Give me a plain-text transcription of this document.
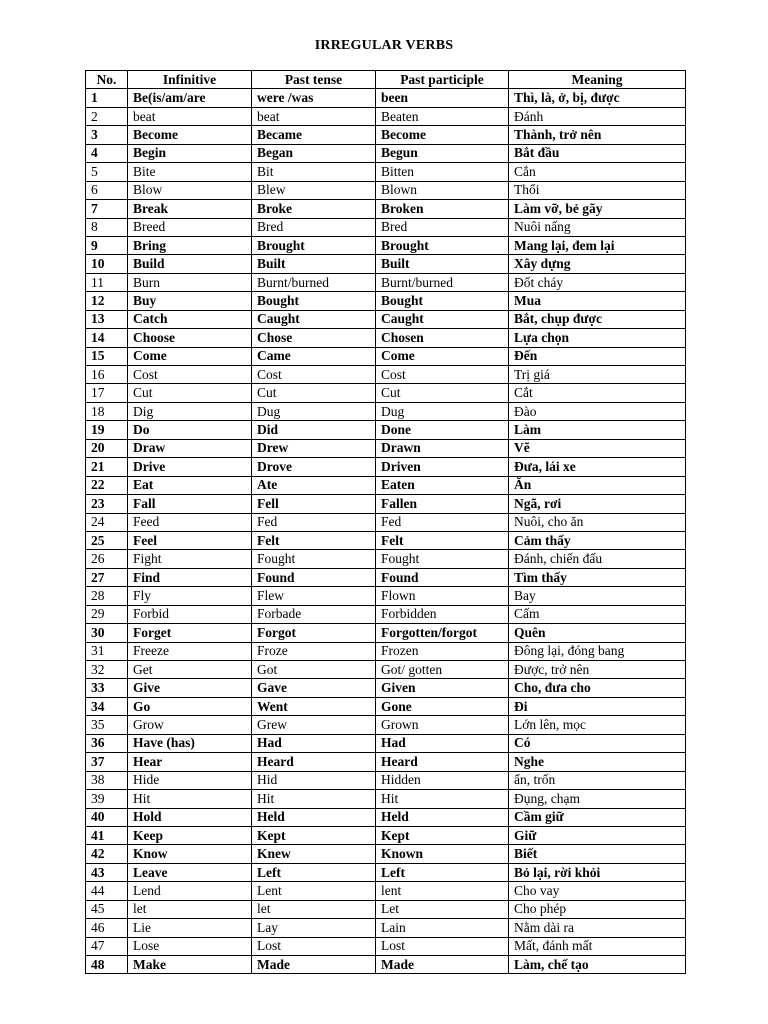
IRREGULAR VERBS
No.	Infinitive	Past tense	Past participle	Meaning
1	Be(is/am/are	were /was	been	Thì, là, ở, bị, được
2	beat	beat	Beaten	Đánh
3	Become	Became	Become	Thành, trở nên
4	Begin	Began	Begun	Bắt đầu
5	Bite	Bit	Bitten	Cắn
6	Blow	Blew	Blown	Thổi
7	Break	Broke	Broken	Làm vỡ, bẻ gãy
8	Breed	Bred	Bred	Nuôi nấng
9	Bring	Brought	Brought	Mang lại, đem lại
10	Build	Built	Built	Xây dựng
11	Burn	Burnt/burned	Burnt/burned	Đốt cháy
12	Buy	Bought	Bought	Mua
13	Catch	Caught	Caught	Bắt, chụp được
14	Choose	Chose	Chosen	Lựa chọn
15	Come	Came	Come	Đến
16	Cost	Cost	Cost	Trị giá
17	Cut	Cut	Cut	Cắt
18	Dig	Dug	Dug	Đào
19	Do	Did	Done	Làm
20	Draw	Drew	Drawn	Vẽ
21	Drive	Drove	Driven	Đưa, lái xe
22	Eat	Ate	Eaten	Ăn
23	Fall	Fell	Fallen	Ngã, rơi
24	Feed	Fed	Fed	Nuôi, cho ăn
25	Feel	Felt	Felt	Cảm thấy
26	Fight	Fought	Fought	Đánh, chiến đấu
27	Find	Found	Found	Tìm thấy
28	Fly	Flew	Flown	Bay
29	Forbid	Forbade	Forbidden	Cấm
30	Forget	Forgot	Forgotten/forgot	Quên
31	Freeze	Froze	Frozen	Đông lại, đóng bang
32	Get	Got	Got/ gotten	Được, trở nên
33	Give	Gave	Given	Cho, đưa cho
34	Go	Went	Gone	Đi
35	Grow	Grew	Grown	Lớn lên, mọc
36	Have (has)	Had	Had	Có
37	Hear	Heard	Heard	Nghe
38	Hide	Hid	Hidden	ẩn, trốn
39	Hit	Hit	Hit	Đụng, chạm
40	Hold	Held	Held	Cầm giữ
41	Keep	Kept	Kept	Giữ
42	Know	Knew	Known	Biết
43	Leave	Left	Left	Bỏ lại, rời khỏi
44	Lend	Lent	lent	Cho vay
45	let	let	Let	Cho phép
46	Lie	Lay	Lain	Nằm dài ra
47	Lose	Lost	Lost	Mất, đánh mất
48	Make	Made	Made	Làm, chế tạo
